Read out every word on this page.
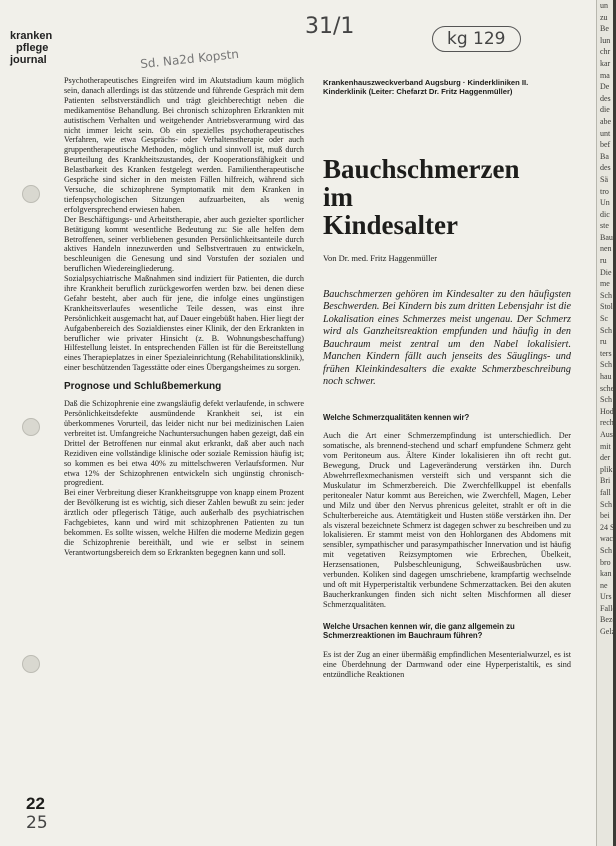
kranken
pflege
journal	Sd. Na2d Kopstn
31/1	kg 129

Psychotherapeutisches Eingreifen wird im Akutstadium kaum möglich sein, danach allerdings ist das stützende und führende Gespräch mit dem Patienten selbstverständlich und trägt gleichberechtigt neben die medikamentöse Behandlung. Bei chronisch schizophren Erkrankten mit autistischem Verhalten und weitgehender Antriebsverarmung wird das nicht immer leicht sein. Ob ein spezielles psychotherapeutisches Verfahren, wie etwa Gesprächs- oder Verhaltenstherapie oder auch gruppentherapeutische Methoden, möglich und sinnvoll ist, muß durch Beurteilung des Krankheitszustandes, der Kooperationsfähigkeit und Belastbarkeit des Kranken festgelegt werden. Familientherapeutische Gespräche sind sicher in den meisten Fällen hilfreich, während sich Versuche, die schizophrene Symptomatik mit dem Kranken in tiefenpsychologischen Sitzungen aufzuarbeiten, als wenig erfolgversprechend erwiesen haben.

Der Beschäftigungs- und Arbeitstherapie, aber auch gezielter sportlicher Betätigung kommt wesentliche Bedeutung zu: Sie alle helfen dem Betroffenen, seiner verbliebenen gesunden Persönlichkeitsanteile durch aktives Handeln innezuwerden und Selbstvertrauen zu entwickeln, beschleunigen die Genesung und sind Vorstufen der sozialen und beruflichen Wiedereingliederung.

Sozialpsychiatrische Maßnahmen sind indiziert für Patienten, die durch ihre Krankheit beruflich zurückgeworfen werden bzw. bei denen diese Gefahr besteht, aber auch für jene, die infolge eines ungünstigen Krankheitsverlaufes wesentliche Teile dessen, was einst ihre Persönlichkeit ausgemacht hat, auf Dauer eingebüßt haben. Hier liegt der Aufgabenbereich des Sozialdienstes einer Klinik, der den Erkrankten in beruflicher wie privater Hinsicht (z. B. Wohnungsbeschaffung) Hilfestellung leistet. In entsprechenden Fällen ist für die Bereitstellung eines Therapieplatzes in einer Spezialeinrichtung (Rehabilitationsklinik), einer beschützenden Tagesstätte oder eines Übergangsheimes zu sorgen.

Prognose und Schlußbemerkung

Daß die Schizophrenie eine zwangsläufig defekt verlaufende, in schwere Persönlichkeitsdefekte ausmündende Krankheit sei, ist ein überkommenes Vorurteil, das leider nicht nur bei medizinischen Laien verbreitet ist. Umfangreiche Nachuntersuchungen haben gezeigt, daß ein Drittel der Betroffenen nur einmal akut erkrankt, daß aber auch nach Rezidiven eine vollständige klinische oder soziale Remission häufig ist; so kommen es bei etwa 40% zu mittelschweren Verlaufsformen. Nur etwa 12% der Schizophrenen entwickeln sich ungünstig chronisch-progredient.

Bei einer Verbreitung dieser Krankheitsgruppe von knapp einem Prozent der Bevölkerung ist es wichtig, sich dieser Zahlen bewußt zu sein: jeder ärztlich oder pflegerisch Tätige, auch außerhalb des psychiatrischen Fachgebietes, kann und wird mit schizophrenen Patienten zu tun bekommen. Es sollte wissen, welche Hilfen die moderne Medizin gegen die Schizophrenie bereithält, und wie er selbst in seinem Verantwortungsbereich dem so Erkrankten begegnen kann und soll.

Krankenhauszweckverband Augsburg · Kinderkliniken II. Kinderklinik (Leiter: Chefarzt Dr. Fritz Haggenmüller)

Bauchschmerzen
im
Kindesalter

Von Dr. med. Fritz Haggenmüller

Bauchschmerzen gehören im Kindesalter zu den häufigsten Beschwerden. Bei Kindern bis zum dritten Lebensjahr ist die Lokalisation eines Schmerzes meist ungenau. Der Schmerz wird als Ganzheitsreaktion empfunden und häufig in den Bauchraum meist zentral um den Nabel lokalisiert. Manchen Kindern fällt auch jenseits des Säuglings- und frühen Kleinkindesalters die exakte Schmerzbeschreibung noch schwer.

Welche Schmerzqualitäten kennen wir?

Auch die Art einer Schmerzempfindung ist unterschiedlich. Der somatische, als brennend-stechend und scharf empfundene Schmerz geht vom Peritoneum aus. Ältere Kinder lokalisieren ihn oft recht gut. Bewegung, Druck und Lageveränderung verstärken ihn. Durch Abwehrreflexmechanismen versteift sich und verspannt sich die Muskulatur im Schmerzbereich. Die Zwerchfellkuppel ist ebenfalls peritonealer Natur kommt aus Bereichen, wie Zwerchfell, Magen, Leber und Milz und über den Nervus phrenicus geleitet, strahlt er oft in die Schulterbereiche aus. Atemtätigkeit und Husten stöße verstärken ihn. Der als viszeral bezeichnete Schmerz ist dagegen schwer zu beschreiben und zu lokalisieren. Er stammt meist von den Hohlorganen des Abdomens mit sensibler, sympathischer und parasympathischer Innervation und ist häufig mit vegetativen Reizsymptomen wie Erbrechen, Übelkeit, Herzsensationen, Pulsbeschleunigung, Schweißausbrüchen usw. verbunden. Koliken sind dagegen umschriebene, krampfartig wechselnde und oft mit Hyperperistaltik verbundene Schmerzattacken. Bei den akuten Baucherkrankungen finden sich nicht selten Mischformen all dieser Schmerzqualitäten.

Welche Ursachen kennen wir, die ganz allgemein zu Schmerzreaktionen im Bauchraum führen?

Es ist der Zug an einer übermäßig empfindlichen Mesenterialwurzel, es ist eine Überdehnung der Darmwand oder eine Hyperperistaltik, es sind entzündliche Reaktionen

22
25
un
zu
Be
lun
chr
kar
ma
De
des
die
abe
unt
bef
Ba
des
Sä
tro
Un
dic
ste
Bau
nen
ru
Die
me
Sch
Stol
Sc
Sch
ru
ters
Sch
hau
sche
Sch
Hod
rech
Aus
mit
der
plik
Bri
fall
Sch
bei
24 S
wac
Sch
bro
kan
ne
Urs
Falle
Beze
Gelz
